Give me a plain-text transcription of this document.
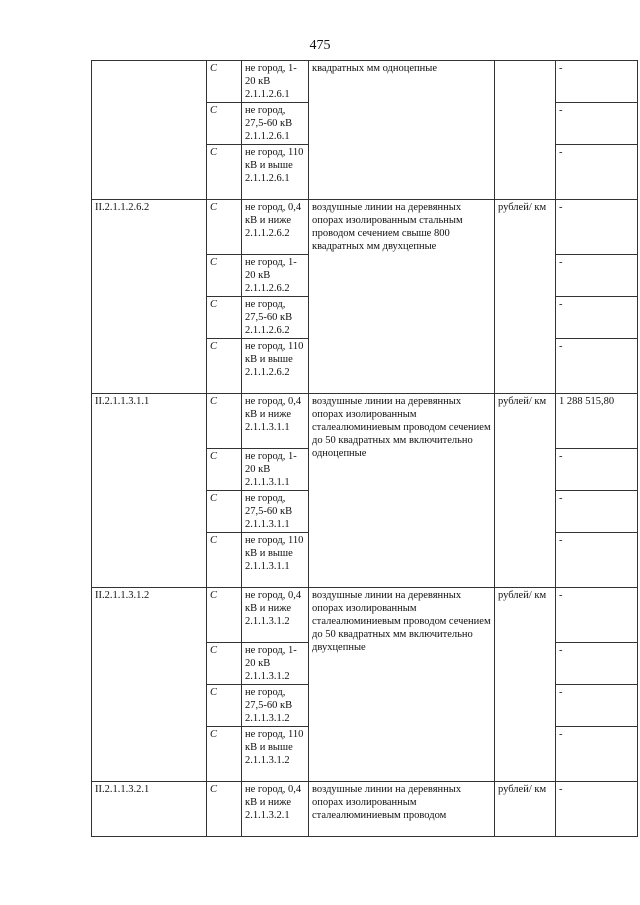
475
	С	не город, 1-20 кВ 2.1.1.2.6.1	квадратных мм одноцепные		-
	С	не город, 27,5-60 кВ 2.1.1.2.6.1			-
	С	не город, 110 кВ и выше 2.1.1.2.6.1			-
II.2.1.1.2.6.2	С	не город, 0,4 кВ и ниже 2.1.1.2.6.2	воздушные линии на деревянных опорах изолированным стальным проводом сечением свыше 800 квадратных мм двухцепные	рублей/ км	-
	С	не город, 1-20 кВ 2.1.1.2.6.2			-
	С	не город, 27,5-60 кВ 2.1.1.2.6.2			-
	С	не город, 110 кВ и выше 2.1.1.2.6.2			-
II.2.1.1.3.1.1	С	не город, 0,4 кВ и ниже 2.1.1.3.1.1	воздушные линии на деревянных опорах изолированным сталеалюминиевым проводом сечением до 50 квадратных мм включительно одноцепные	рублей/ км	1 288 515,80
	С	не город, 1-20 кВ 2.1.1.3.1.1			-
	С	не город, 27,5-60 кВ 2.1.1.3.1.1			-
	С	не город, 110 кВ и выше 2.1.1.3.1.1			-
II.2.1.1.3.1.2	С	не город, 0,4 кВ и ниже 2.1.1.3.1.2	воздушные линии на деревянных опорах изолированным сталеалюминиевым проводом сечением до 50 квадратных мм включительно двухцепные	рублей/ км	-
	С	не город, 1-20 кВ 2.1.1.3.1.2			-
	С	не город, 27,5-60 кВ 2.1.1.3.1.2			-
	С	не город, 110 кВ и выше 2.1.1.3.1.2			-
II.2.1.1.3.2.1	С	не город, 0,4 кВ и ниже 2.1.1.3.2.1	воздушные линии на деревянных опорах изолированным сталеалюминиевым проводом	рублей/ км	-
